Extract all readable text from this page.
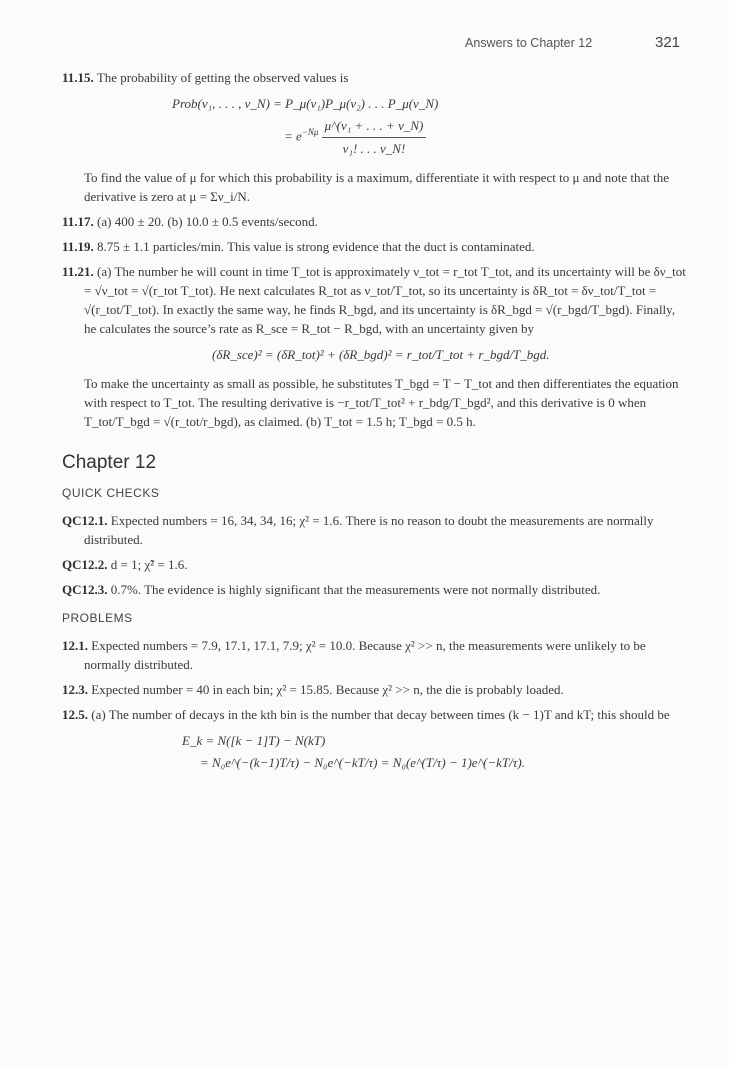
Answers to Chapter 12	321

11.15. The probability of getting the observed values is

Prob(ν₁, . . . , ν_N) = P_μ(ν₁)P_μ(ν₂) . . . P_μ(ν_N)
= $e^{-N\mu} \frac{\text{μ\textasciicircum{}(ν₁ + . . . + ν\_N)}}{\text{ν₁! . . . ν\_N!}}$

To find the value of μ for which this probability is a maximum, differentiate it with respect to μ and note that the derivative is zero at μ = Σν_i/N.

11.17. (a) 400 ± 20. (b) 10.0 ± 0.5 events/second.

11.19. 8.75 ± 1.1 particles/min. This value is strong evidence that the duct is contaminated.

11.21. (a) The number he will count in time T_tot is approximately ν_tot = r_tot T_tot, and its uncertainty will be δν_tot = √ν_tot = √(r_tot T_tot). He next calculates R_tot as ν_tot/T_tot, so its uncertainty is δR_tot = δν_tot/T_tot = √(r_tot/T_tot). In exactly the same way, he finds R_bgd, and its uncertainty is δR_bgd = √(r_bgd/T_bgd). Finally, he calculates the source’s rate as R_sce = R_tot − R_bgd, with an uncertainty given by

(δR_sce)² = (δR_tot)² + (δR_bgd)² = r_tot/T_tot + r_bgd/T_bgd.

To make the uncertainty as small as possible, he substitutes T_bgd = T − T_tot and then differentiates the equation with respect to T_tot. The resulting derivative is −r_tot/T_tot² + r_bdg/T_bgd², and this derivative is 0 when T_tot/T_bgd = √(r_tot/r_bgd), as claimed. (b) T_tot = 1.5 h; T_bgd = 0.5 h.

Chapter 12
QUICK CHECKS

QC12.1. Expected numbers = 16, 34, 34, 16; χ² = 1.6. There is no reason to doubt the measurements are normally distributed.

QC12.2. d = 1; χ̃² = 1.6.

QC12.3. 0.7%. The evidence is highly significant that the measurements were not normally distributed.

PROBLEMS

12.1. Expected numbers = 7.9, 17.1, 17.1, 7.9; χ² = 10.0. Because χ² >> n, the measurements were unlikely to be normally distributed.

12.3. Expected number = 40 in each bin; χ² = 15.85. Because χ² >> n, the die is probably loaded.

12.5. (a) The number of decays in the kth bin is the number that decay between times (k − 1)T and kT; this should be

E_k = N([k − 1]T) − N(kT)
= N₀e^(−(k−1)T/τ) − N₀e^(−kT/τ) = N₀(e^(T/τ) − 1)e^(−kT/τ).
